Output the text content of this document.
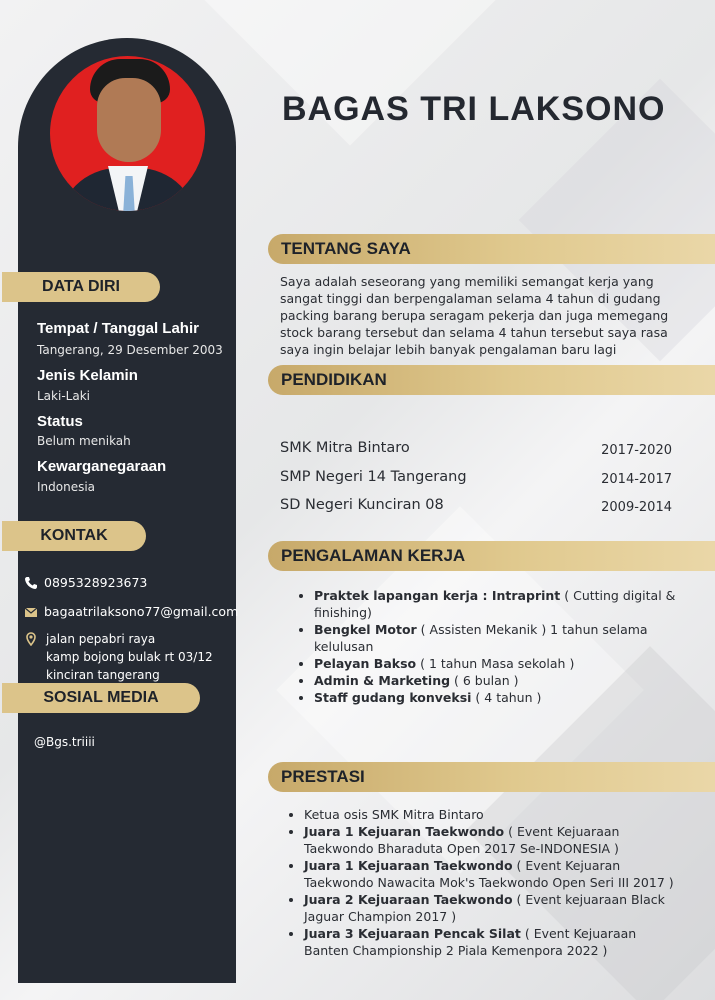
DATA DIRI
Tempat / Tanggal Lahir
Tangerang, 29 Desember 2003
Jenis Kelamin
Laki-Laki
Status
Belum menikah
Kewarganegaraan
Indonesia
KONTAK
0895328923673
bagaatrilaksono77@gmail.com
jalan pepabri raya
kamp bojong bulak rt 03/12
kinciran tangerang
SOSIAL MEDIA
@Bgs.triiii
BAGAS TRI LAKSONO
TENTANG SAYA
Saya adalah seseorang yang memiliki semangat kerja yang sangat tinggi dan berpengalaman selama 4 tahun di gudang packing barang berupa seragam pekerja dan juga memegang stock barang tersebut dan selama 4 tahun tersebut saya rasa saya ingin belajar lebih banyak pengalaman baru lagi
PENDIDIKAN
SMK Mitra Bintaro	2017-2020
SMP Negeri 14 Tangerang	2014-2017
SD Negeri Kunciran 08	2009-2014
PENGALAMAN KERJA
• Praktek lapangan kerja : Intraprint ( Cutting digital & finishing)
• Bengkel Motor ( Assisten Mekanik ) 1 tahun selama kelulusan
• Pelayan Bakso ( 1 tahun Masa sekolah )
• Admin & Marketing ( 6 bulan )
• Staff gudang konveksi ( 4 tahun )
PRESTASI
• Ketua osis SMK Mitra Bintaro
• Juara 1 Kejuaran Taekwondo ( Event Kejuaraan Taekwondo Bharaduta Open 2017 Se-INDONESIA )
• Juara 1 Kejuaraan Taekwondo ( Event Kejuaran Taekwondo Nawacita Mok's Taekwondo Open Seri III 2017 )
• Juara 2 Kejuaraan Taekwondo ( Event kejuaraan Black Jaguar Champion 2017 )
• Juara 3 Kejuaraan Pencak Silat ( Event Kejuaraan Banten Championship 2 Piala Kemenpora 2022 )
